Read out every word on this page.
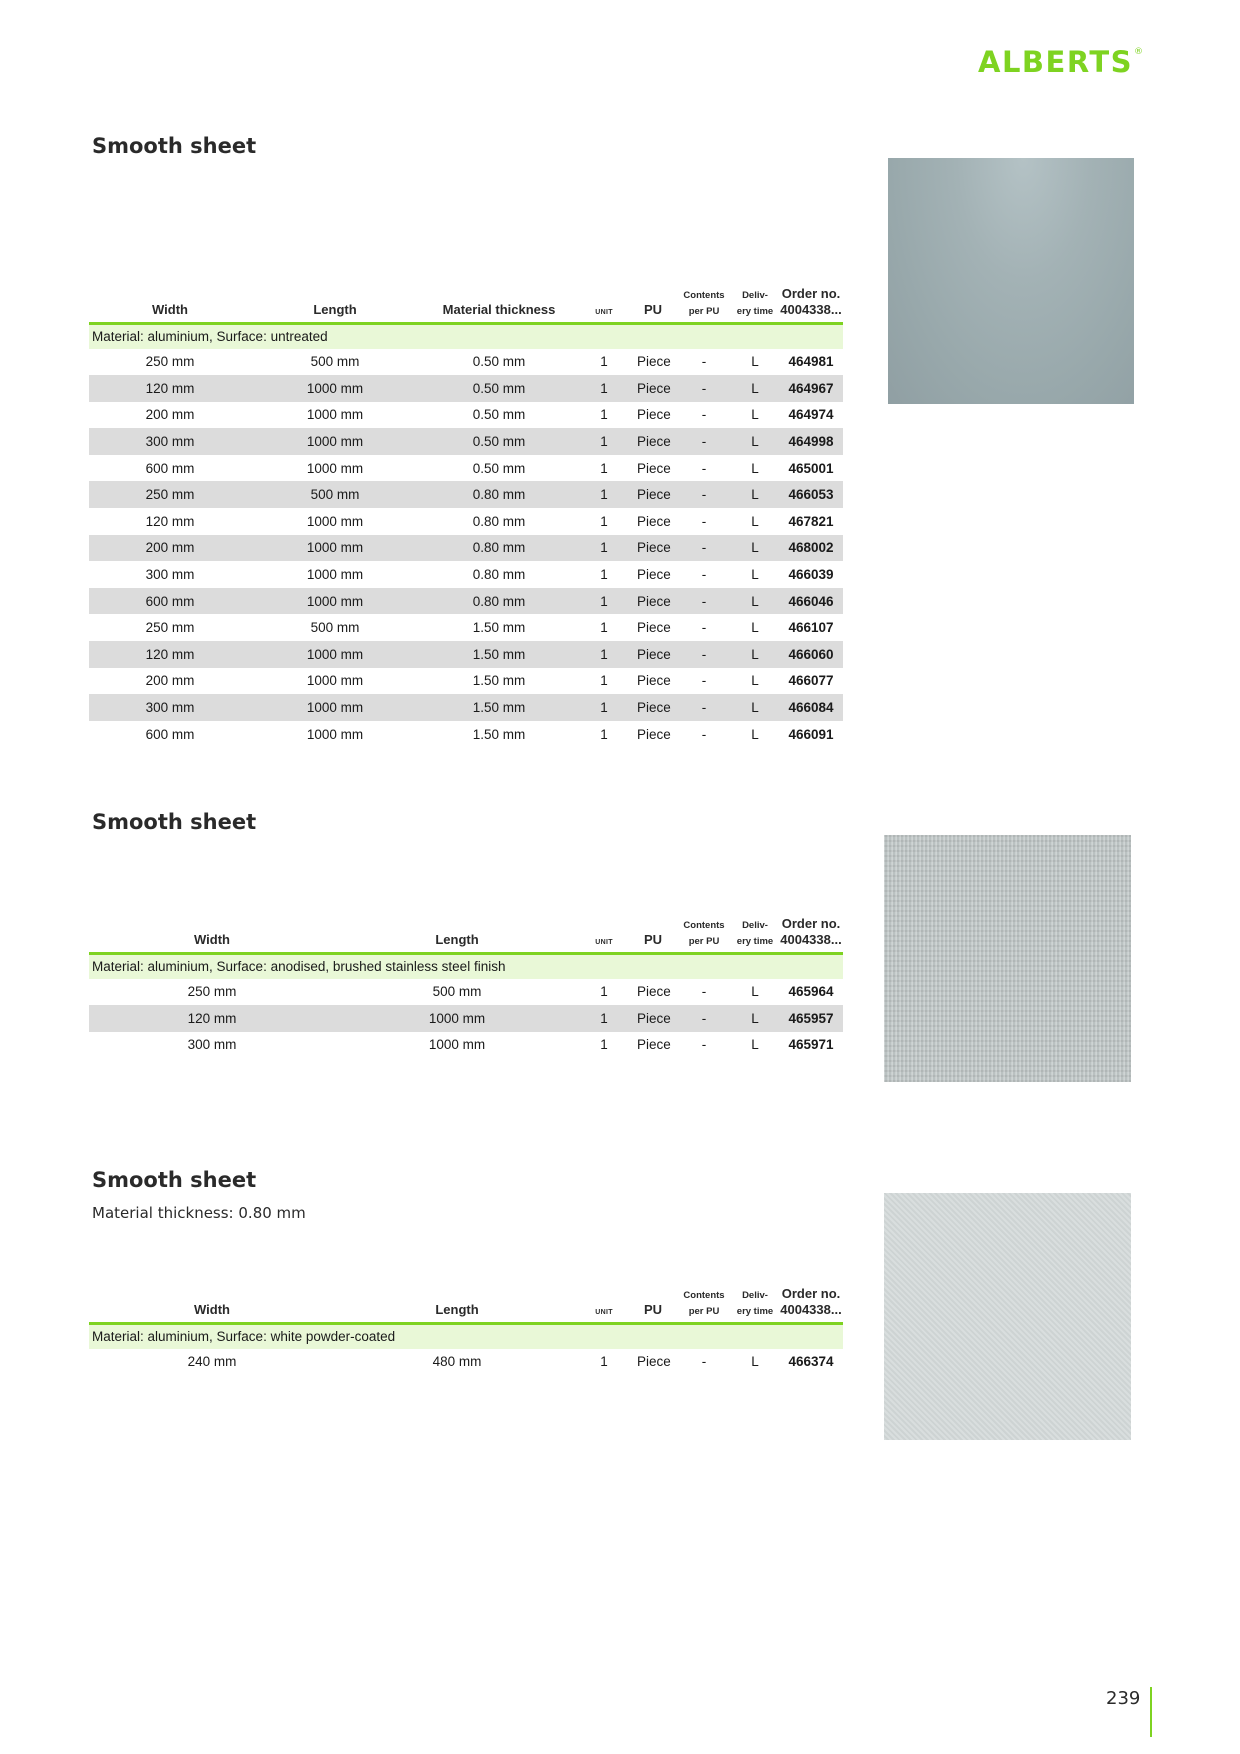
ALBERTS®
Smooth sheet
Width	Length	Material thickness	UNIT	PU	Contents
per PU	Deliv-
ery time	Order no.
4004338...
Material: aluminium, Surface: untreated							
250 mm	500 mm	0.50 mm	1	Piece	-	L	464981
120 mm	1000 mm	0.50 mm	1	Piece	-	L	464967
200 mm	1000 mm	0.50 mm	1	Piece	-	L	464974
300 mm	1000 mm	0.50 mm	1	Piece	-	L	464998
600 mm	1000 mm	0.50 mm	1	Piece	-	L	465001
250 mm	500 mm	0.80 mm	1	Piece	-	L	466053
120 mm	1000 mm	0.80 mm	1	Piece	-	L	467821
200 mm	1000 mm	0.80 mm	1	Piece	-	L	468002
300 mm	1000 mm	0.80 mm	1	Piece	-	L	466039
600 mm	1000 mm	0.80 mm	1	Piece	-	L	466046
250 mm	500 mm	1.50 mm	1	Piece	-	L	466107
120 mm	1000 mm	1.50 mm	1	Piece	-	L	466060
200 mm	1000 mm	1.50 mm	1	Piece	-	L	466077
300 mm	1000 mm	1.50 mm	1	Piece	-	L	466084
600 mm	1000 mm	1.50 mm	1	Piece	-	L	466091
Smooth sheet
Width	Length	UNIT	PU	Contents
per PU	Deliv-
ery time	Order no.
4004338...
Material: aluminium, Surface: anodised, brushed stainless steel finish						
250 mm	500 mm	1	Piece	-	L	465964
120 mm	1000 mm	1	Piece	-	L	465957
300 mm	1000 mm	1	Piece	-	L	465971
Smooth sheet

Material thickness: 0.80 mm

Width	Length	UNIT	PU	Contents
per PU	Deliv-
ery time	Order no.
4004338...
Material: aluminium, Surface: white powder-coated						
240 mm	480 mm	1	Piece	-	L	466374
239
